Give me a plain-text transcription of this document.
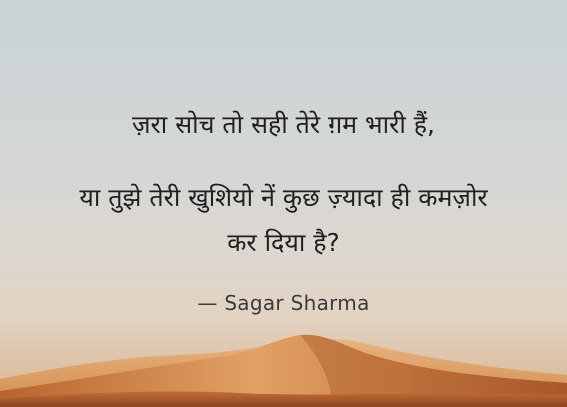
ज़रा सोच तो सही तेरे ग़म भारी हैं,
या तुझे तेरी खुशियो नें कुछ ज़्यादा ही कमज़ोर
कर दिया है?
— Sagar Sharma
